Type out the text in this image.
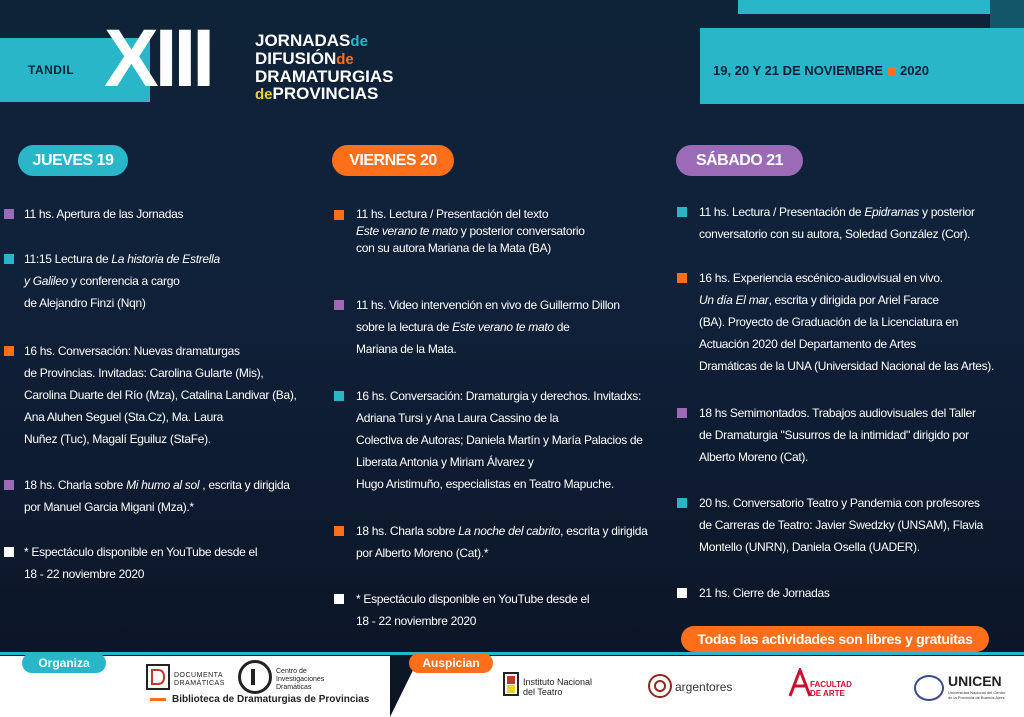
TANDIL XIII	JORNADASde
DIFUSIÓNde
DRAMATURGIAS
dePROVINCIAS
19, 20 Y 21 DE NOVIEMBRE 2020
JUEVES 19	VIERNES 20	SÁBADO 21
11 hs. Apertura de las Jornadas
11:15 Lectura de La historia de Estrella
y Galileo y conferencia a cargo
de Alejandro Finzi (Nqn)
16 hs. Conversación: Nuevas dramaturgas
de Provincias. Invitadas: Carolina Gularte (Mis),
Carolina Duarte del Río (Mza), Catalina Landivar (Ba),
Ana Aluhen Seguel (Sta.Cz), Ma. Laura
Nuñez (Tuc), Magalí Eguiluz (StaFe).
18 hs. Charla sobre Mi humo al sol , escrita y dirigida
por Manuel Garcia Migani (Mza).*
* Espectáculo disponible en YouTube desde el
18 - 22 noviembre 2020
11 hs. Lectura / Presentación del texto
Este verano te mato y posterior conversatorio
con su autora Mariana de la Mata (BA)
11 hs. Video intervención en vivo de Guillermo Dillon
sobre la lectura de Este verano te mato de
Mariana de la Mata.
16 hs. Conversación: Dramaturgia y derechos. Invitadxs:
Adriana Tursi y Ana Laura Cassino de la
Colectiva de Autoras; Daniela Martín y María Palacios de
Liberata Antonia y Miriam Álvarez y
Hugo Aristimuño, especialistas en Teatro Mapuche.
18 hs. Charla sobre La noche del cabrito, escrita y dirigida
por Alberto Moreno (Cat).*
* Espectáculo disponible en YouTube desde el
18 - 22 noviembre 2020
11 hs. Lectura / Presentación de Epidramas y posterior
conversatorio con su autora, Soledad González (Cor).
16 hs. Experiencia escénico-audiovisual en vivo.
Un día El mar, escrita y dirigida por Ariel Farace
(BA). Proyecto de Graduación de la Licenciatura en
Actuación 2020 del Departamento de Artes
Dramáticas de la UNA (Universidad Nacional de las Artes).
18 hs Semimontados. Trabajos audiovisuales del Taller
de Dramaturgia "Susurros de la intimidad" dirigido por
Alberto Moreno (Cat).
20 hs. Conversatorio Teatro y Pandemia con profesores
de Carreras de Teatro: Javier Swedzky (UNSAM), Flavia
Montello (UNRN), Daniela Osella (UADER).
21 hs. Cierre de Jornadas
Todas las actividades son libres y gratuitas
Organiza	Auspician
DOCUMENTA
DRAMÁTICAS
Centro de
Investigaciones
Dramáticas
Biblioteca de Dramaturgias de Provincias
Instituto Nacional
del Teatro	argentores	FACULTAD
DE ARTE
UNICEN
Universidad Nacional del Centro
de la Provincia de Buenos Aires
